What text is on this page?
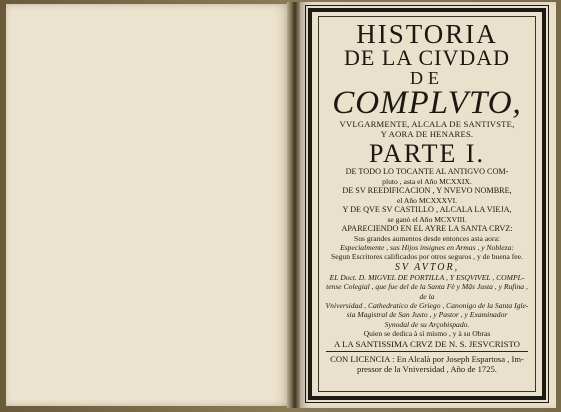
HISTORIA
DE LA CIVDAD
DE
COMPLVTO,
VVLGARMENTE, ALCALA DE SANTIVSTE,
Y AORA DE HENARES.
PARTE I.
DE TODO LO TOCANTE AL ANTIGVO COM-
pluto , asta el Año MCXXIX.
DE SV REEDIFICACION , Y NVEVO NOMBRE,
el Año MCXXXVI.
Y DE QVE SV CASTILLO , ALCALA LA VIEJA,
se ganò el Año MCXVIII.
APARECIENDO EN EL AYRE LA SANTA CRVZ:
Sus grandes aumentos desde entonces asta aora:
Especialmente , sus Hijos insignes en Armas , y Nobleza:
Segun Escritores calificados por otros seguros , y de buena fee.
SV AVTOR,
EL Doct. D. MIGVEL DE PORTILLA , Y ESQVIVEL , COMPL-
tense Colegial , que fue del de la Santa Fè y Mãs Justa , y Rufina , de la
Vniversidad , Cathedratico de Griego , Canonigo de la Santa Igle-
sia Magistral de San Justo , y Pastor , y Examinador
Synodal de su Arçobispado.
Quien se dedica à sì mismo , y à su Obras
A LA SANTISSIMA CRVZ DE N. S. JESVCRISTO
CON LICENCIA : En Alcalà por Joseph Espartosa , Im-
pressor de la Vniversidad , Año de 1725.
